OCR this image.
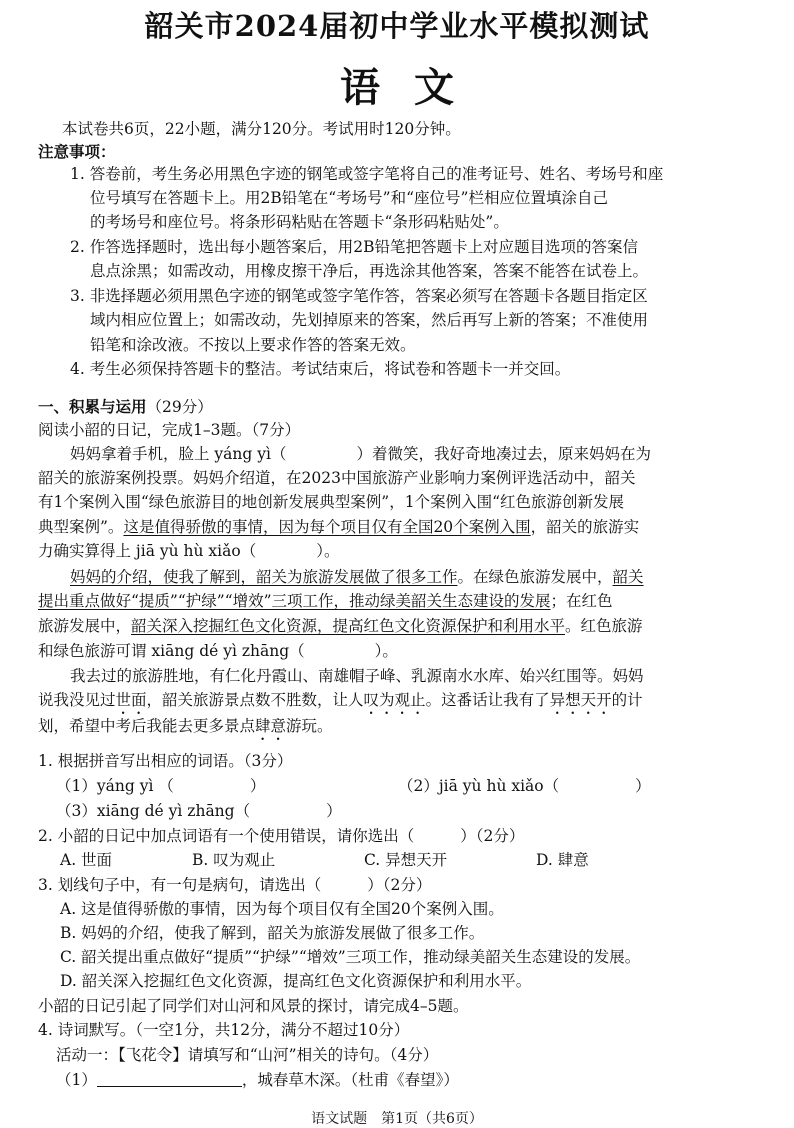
韶关市2024届初中学业水平模拟测试
语文
本试卷共6页，22小题，满分120分。考试用时120分钟。
注意事项：
1. 答卷前，考生务必用黑色字迹的钢笔或签字笔将自己的准考证号、姓名、考场号和座
位号填写在答题卡上。用2B铅笔在“考场号”和“座位号”栏相应位置填涂自己
的考场号和座位号。将条形码粘贴在答题卡“条形码粘贴处”。
2. 作答选择题时，选出每小题答案后，用2B铅笔把答题卡上对应题目选项的答案信
息点涂黑；如需改动，用橡皮擦干净后，再选涂其他答案，答案不能答在试卷上。
3. 非选择题必须用黑色字迹的钢笔或签字笔作答，答案必须写在答题卡各题目指定区
域内相应位置上；如需改动，先划掉原来的答案，然后再写上新的答案；不准使用
铅笔和涂改液。不按以上要求作答的答案无效。
4. 考生必须保持答题卡的整洁。考试结束后，将试卷和答题卡一并交回。
一、积累与运用（29分）
阅读小韶的日记，完成1–3题。（7分）
妈妈拿着手机，脸上 yáng yì（	）着微笑，我好奇地凑过去，原来妈妈在为
韶关的旅游案例投票。妈妈介绍道，在2023中国旅游产业影响力案例评选活动中，韶关
有1个案例入围“绿色旅游目的地创新发展典型案例”，1个案例入围“红色旅游创新发展
典型案例”。这是值得骄傲的事情，因为每个项目仅有全国20个案例入围，韶关的旅游实
力确实算得上 jiā yù hù xiǎo（	）。
妈妈的介绍，使我了解到，韶关为旅游发展做了很多工作。在绿色旅游发展中，韶关
提出重点做好“提质”“护绿”“增效”三项工作，推动绿美韶关生态建设的发展；在红色
旅游发展中，韶关深入挖掘红色文化资源，提高红色文化资源保护和利用水平。红色旅游
和绿色旅游可谓 xiāng dé yì zhāng（	）。
我去过的旅游胜地，有仁化丹霞山、南雄帽子峰、乳源南水水库、始兴红围等。妈妈
说我没见过世面，韶关旅游景点数不胜数，让人叹为观止。这番话让我有了异想天开的计
划，希望中考后我能去更多景点肆意游玩。
1. 根据拼音写出相应的词语。（3分）
（1）yáng yì （	）	（2）jiā yù hù xiǎo（	）
（3）xiāng dé yì zhāng（	）
2. 小韶的日记中加点词语有一个使用错误，请你选出（	）（2分）
A. 世面	B. 叹为观止	C. 异想天开	D. 肆意
3. 划线句子中，有一句是病句，请选出（	）（2分）
A. 这是值得骄傲的事情，因为每个项目仅有全国20个案例入围。
B. 妈妈的介绍，使我了解到，韶关为旅游发展做了很多工作。
C. 韶关提出重点做好“提质”“护绿”“增效”三项工作，推动绿美韶关生态建设的发展。
D. 韶关深入挖掘红色文化资源，提高红色文化资源保护和利用水平。
小韶的日记引起了同学们对山河和风景的探讨，请完成4–5题。
4. 诗词默写。（一空1分，共12分，满分不超过10分）
活动一：【飞花令】请填写和“山河”相关的诗句。（4分）
（1）	，城春草木深。（杜甫《春望》）
语文试题　第1页（共6页）
